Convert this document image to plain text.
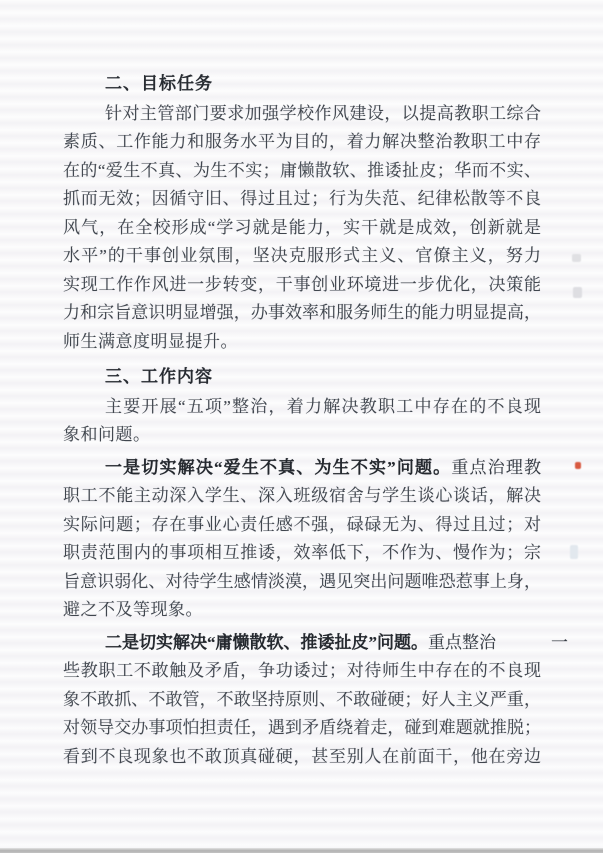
二、目标任务
针对主管部门要求加强学校作风建设，以提高教职工综合
素质、工作能力和服务水平为目的，着力解决整治教职工中存
在的“爱生不真、为生不实；庸懒散软、推诿扯皮；华而不实、
抓而无效；因循守旧、得过且过；行为失范、纪律松散等不良
风气，在全校形成“学习就是能力，实干就是成效，创新就是
水平”的干事创业氛围，坚决克服形式主义、官僚主义，努力
实现工作作风进一步转变，干事创业环境进一步优化，决策能
力和宗旨意识明显增强，办事效率和服务师生的能力明显提高，
师生满意度明显提升。
三、工作内容
主要开展“五项”整治，着力解决教职工中存在的不良现
象和问题。
一是切实解决“爱生不真、为生不实”问题。重点治理教
职工不能主动深入学生、深入班级宿舍与学生谈心谈话，解决
实际问题；存在事业心责任感不强，碌碌无为、得过且过；对
职责范围内的事项相互推诿，效率低下，不作为、慢作为；宗
旨意识弱化、对待学生感情淡漠，遇见突出问题唯恐惹事上身，
避之不及等现象。
二是切实解决“庸懒散软、推诿扯皮”问题。重点整治	一
些教职工不敢触及矛盾，争功诿过；对待师生中存在的不良现
象不敢抓、不敢管，不敢坚持原则、不敢碰硬；好人主义严重，
对领导交办事项怕担责任，遇到矛盾绕着走，碰到难题就推脱；
看到不良现象也不敢顶真碰硬，甚至别人在前面干，他在旁边
